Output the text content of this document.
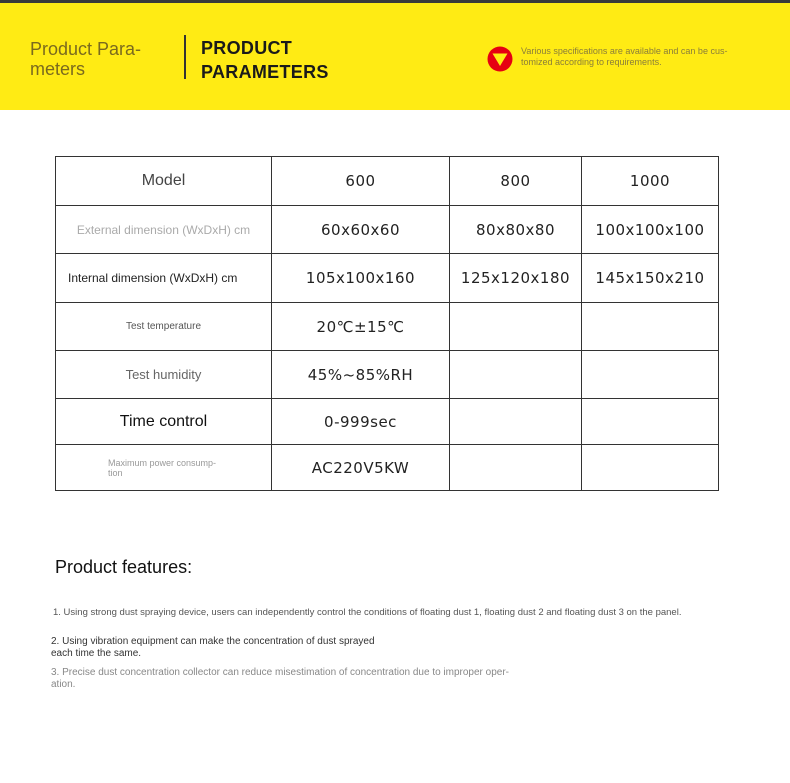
Product Para-
meters
PRODUCT
PARAMETERS
Various specifications are available and can be cus-
tomized according to requirements.
Model	600	800	1000
External dimension (WxDxH) cm	60x60x60	80x80x80	100x100x100
Internal dimension (WxDxH) cm	105x100x160	125x120x180	145x150x210
Test temperature	20℃±15℃		
Test humidity	45%~85%RH		
Time control	0-999sec		
Maximum power consump-
tion	AC220V5KW		
Product features:
1. Using strong dust spraying device, users can independently control the conditions of floating dust 1, floating dust 2 and floating dust 3 on the panel.
2. Using vibration equipment can make the concentration of dust sprayed
each time the same.
3. Precise dust concentration collector can reduce misestimation of concentration due to improper oper-
ation.
